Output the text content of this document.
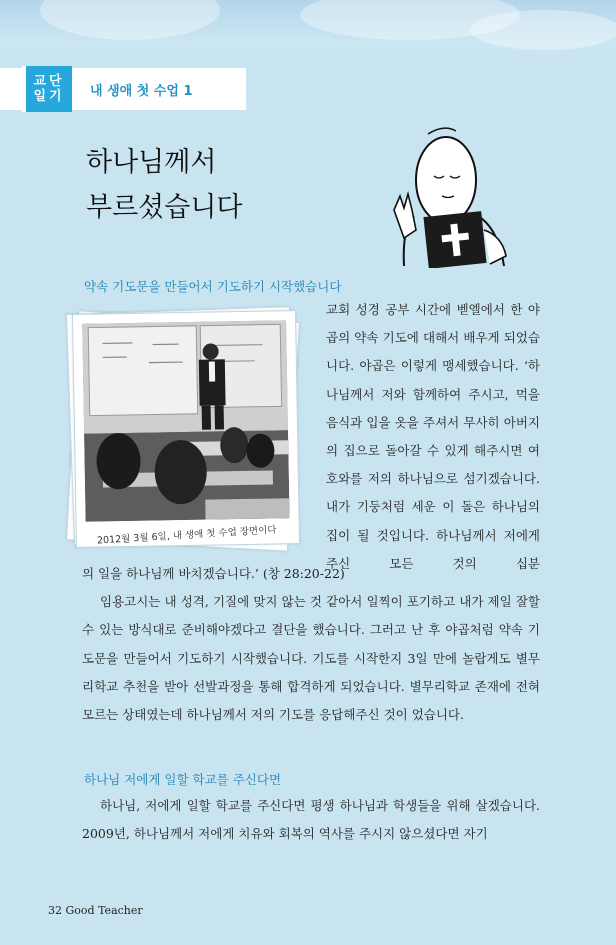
교단 일기	내 생애 첫 수업 1
하나님께서
부르셨습니다
약속 기도문을 만들어서 기도하기 시작했습니다
2012월 3월 6일, 내 생애 첫 수업 장면이다

교회 성경 공부 시간에 벧엘에서 한 야곱의 약속 기도에 대해서 배우게 되었습니다. 야곱은 이렇게 맹세했습니다. ‘하나님께서 저와 함께하여 주시고, 먹을 음식과 입을 옷을 주셔서 무사히 아버지의 집으로 돌아갈 수 있게 해주시면 여호와를 저의 하나님으로 섬기겠습니다. 내가 기둥처럼 세운 이 돌은 하나님의 집이 될 것입니다. 하나님께서 저에게 주신 모든 것의 십분

의 일을 하나님께 바치겠습니다.’ (창 28:20-22)

임용고시는 내 성격, 기질에 맞지 않는 것 같아서 일찍이 포기하고 내가 제일 잘할 수 있는 방식대로 준비해야겠다고 결단을 했습니다. 그러고 난 후 야곱처럼 약속 기도문을 만들어서 기도하기 시작했습니다. 기도를 시작한지 3일 만에 놀랍게도 별무리학교 추천을 받아 선발과정을 통해 합격하게 되었습니다. 별무리학교 존재에 전혀 모르는 상태였는데 하나님께서 저의 기도를 응답해주신 것이 었습니다.

하나님 저에게 일할 학교를 주신다면

하나님, 저에게 일할 학교를 주신다면 평생 하나님과 학생들을 위해 살겠습니다. 2009년, 하나님께서 저에게 치유와 회복의 역사를 주시지 않으셨다면 자기

32 Good Teacher
